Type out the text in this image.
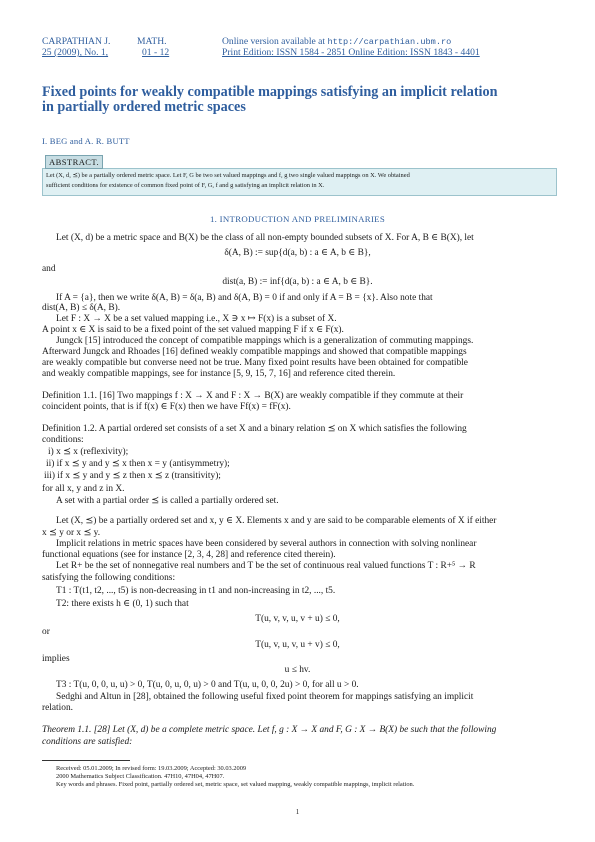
CARPATHIAN J.	MATH.
25 (2009), No. 1,	01 - 12
Online version available at http://carpathian.ubm.ro
Print Edition: ISSN 1584 - 2851 Online Edition: ISSN 1843 - 4401
Fixed points for weakly compatible mappings satisfying an implicit relation
in partially ordered metric spaces
I. BEG and A. R. BUTT
ABSTRACT.
Let (X, d, ⪯) be a partially ordered metric space. Let F, G be two set valued mappings and f, g two single valued mappings on X. We obtained
sufficient conditions for existence of common fixed point of F, G, f and g satisfying an implicit relation in X.
1. INTRODUCTION AND PRELIMINARIES
Let (X, d) be a metric space and B(X) be the class of all non-empty bounded subsets of X. For A, B ∈ B(X), let
δ(A, B) := sup{d(a, b) : a ∈ A, b ∈ B},
and
dist(a, B) := inf{d(a, b) : a ∈ A, b ∈ B}.
If A = {a}, then we write δ(A, B) = δ(a, B) and δ(A, B) = 0 if and only if A = B = {x}. Also note that
dist(A, B) ≤ δ(A, B).
Let F : X → X be a set valued mapping i.e., X ∋ x ↦ F(x) is a subset of X.
A point x ∈ X is said to be a fixed point of the set valued mapping F if x ∈ F(x).
Jungck [15] introduced the concept of compatible mappings which is a generalization of commuting mappings.
Afterward Jungck and Rhoades [16] defined weakly compatible mappings and showed that compatible mappings
are weakly compatible but converse need not be true. Many fixed point results have been obtained for compatible
and weakly compatible mappings, see for instance [5, 9, 15, 7, 16] and reference cited therein.
Definition 1.1. [16] Two mappings f : X → X and F : X → B(X) are weakly compatible if they commute at their
coincident points, that is if f(x) ∈ F(x) then we have Ff(x) = fF(x).
Definition 1.2. A partial ordered set consists of a set X and a binary relation ⪯ on X which satisfies the following
conditions:
i) x ⪯ x (reflexivity);
ii) if x ⪯ y and y ⪯ x then x = y (antisymmetry);
iii) if x ⪯ y and y ⪯ z then x ⪯ z (transitivity);
for all x, y and z in X.
A set with a partial order ⪯ is called a partially ordered set.
Let (X, ⪯) be a partially ordered set and x, y ∈ X. Elements x and y are said to be comparable elements of X if either
x ⪯ y or x ⪯ y.
Implicit relations in metric spaces have been considered by several authors in connection with solving nonlinear
functional equations (see for instance [2, 3, 4, 28] and reference cited therein).
Let R+ be the set of nonnegative real numbers and T be the set of continuous real valued functions T : R+⁵ → R
satisfying the following conditions:
T1 : T(t1, t2, ..., t5) is non-decreasing in t1 and non-increasing in t2, ..., t5.
T2: there exists h ∈ (0, 1) such that
T(u, v, v, u, v + u) ≤ 0,
or
T(u, v, u, v, u + v) ≤ 0,
implies
u ≤ hv.
T3 : T(u, 0, 0, u, u) > 0, T(u, 0, u, 0, u) > 0 and T(u, u, 0, 0, 2u) > 0, for all u > 0.
Sedghi and Altun in [28], obtained the following useful fixed point theorem for mappings satisfying an implicit
relation.
Theorem 1.1. [28] Let (X, d) be a complete metric space. Let f, g : X → X and F, G : X → B(X) be such that the following
conditions are satisfied:
Received: 05.01.2009; In revised form: 19.03.2009; Accepted: 30.03.2009
2000 Mathematics Subject Classification. 47H10, 47H04, 47H07.
Key words and phrases. Fixed point, partially ordered set, metric space, set valued mapping, weakly compatible mappings, implicit relation.
1
